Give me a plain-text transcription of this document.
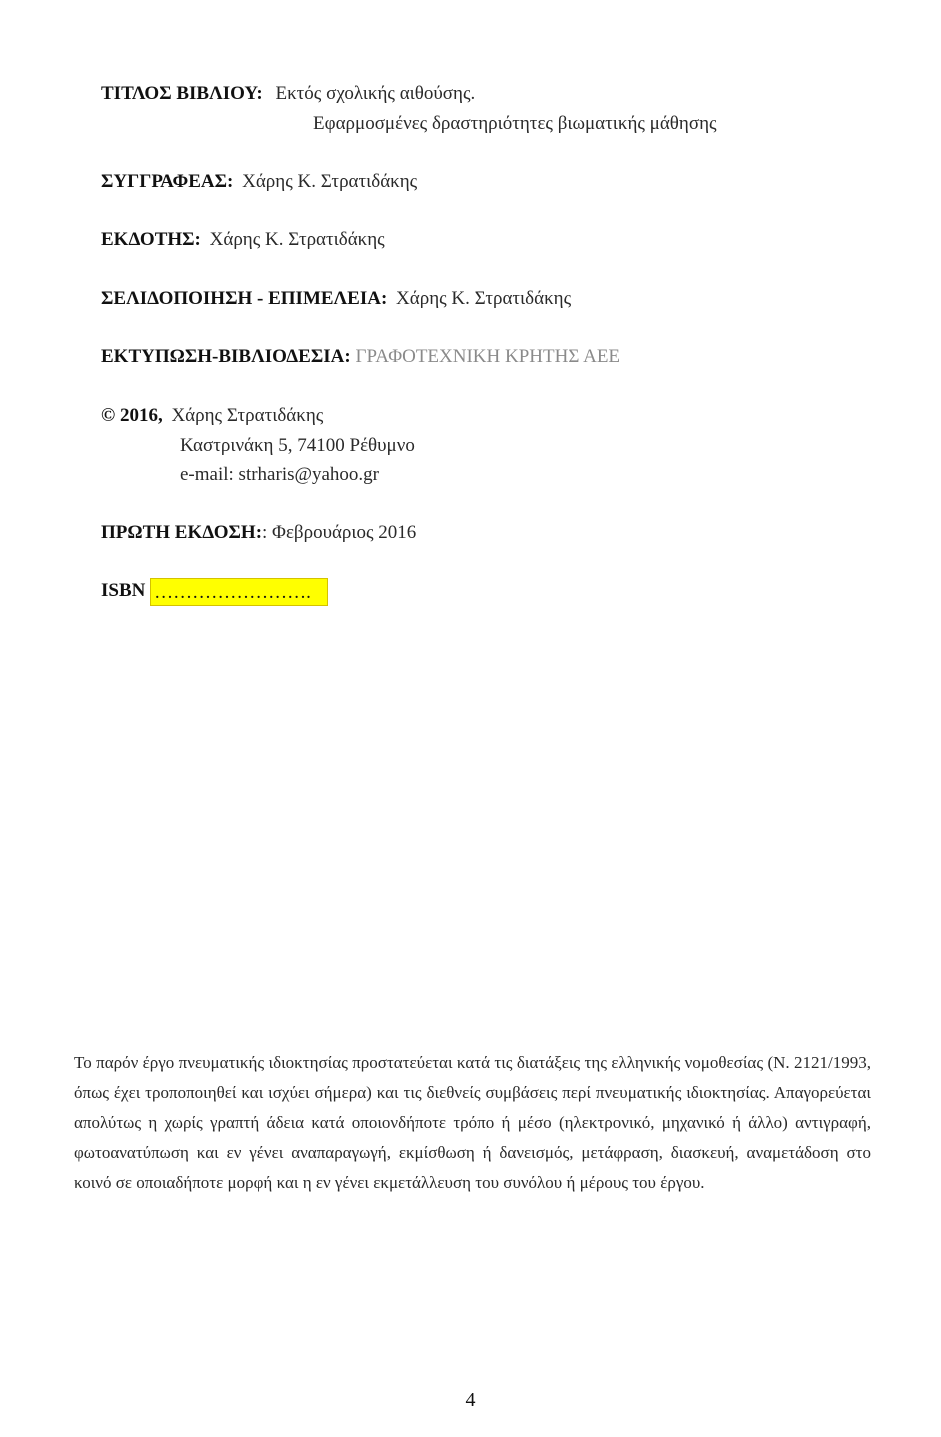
ΤΙΤΛΟΣ ΒΙΒΛΙΟΥ: Εκτός σχολικής αιθούσης.
Εφαρμοσμένες δραστηριότητες βιωματικής μάθησης
ΣΥΓΓΡΑΦΕΑΣ: Χάρης Κ. Στρατιδάκης
ΕΚΔΟΤΗΣ: Χάρης Κ. Στρατιδάκης
ΣΕΛΙΔΟΠΟΙΗΣΗ - ΕΠΙΜΕΛΕΙΑ: Χάρης Κ. Στρατιδάκης
ΕΚΤΥΠΩΣΗ-ΒΙΒΛΙΟΔΕΣΙΑ: ΓΡΑΦΟΤΕΧΝΙΚΗ ΚΡΗΤΗΣ ΑΕΕ
© 2016, Χάρης Στρατιδάκης
Καστρινάκη 5, 74100 Ρέθυμνο
e-mail: strharis@yahoo.gr
ΠΡΩΤΗ ΕΚΔΟΣΗ:: Φεβρουάριος 2016
ISBN …………………….
Το παρόν έργο πνευματικής ιδιοκτησίας προστατεύεται κατά τις διατάξεις της ελληνικής νομοθεσίας (Ν. 2121/1993, όπως έχει τροποποιηθεί και ισχύει σήμερα) και τις διεθνείς συμβάσεις περί πνευματικής ιδιοκτησίας. Απαγορεύεται απολύτως η χωρίς γραπτή άδεια κατά οποιονδήποτε τρόπο ή μέσο (ηλεκτρονικό, μηχανικό ή άλλο) αντιγραφή, φωτοανατύπωση και εν γένει αναπαραγωγή, εκμίσθωση ή δανεισμός, μετάφραση, διασκευή, αναμετάδοση στο κοινό σε οποιαδήποτε μορφή και η εν γένει εκμετάλλευση του συνόλου ή μέρους του έργου.
4
